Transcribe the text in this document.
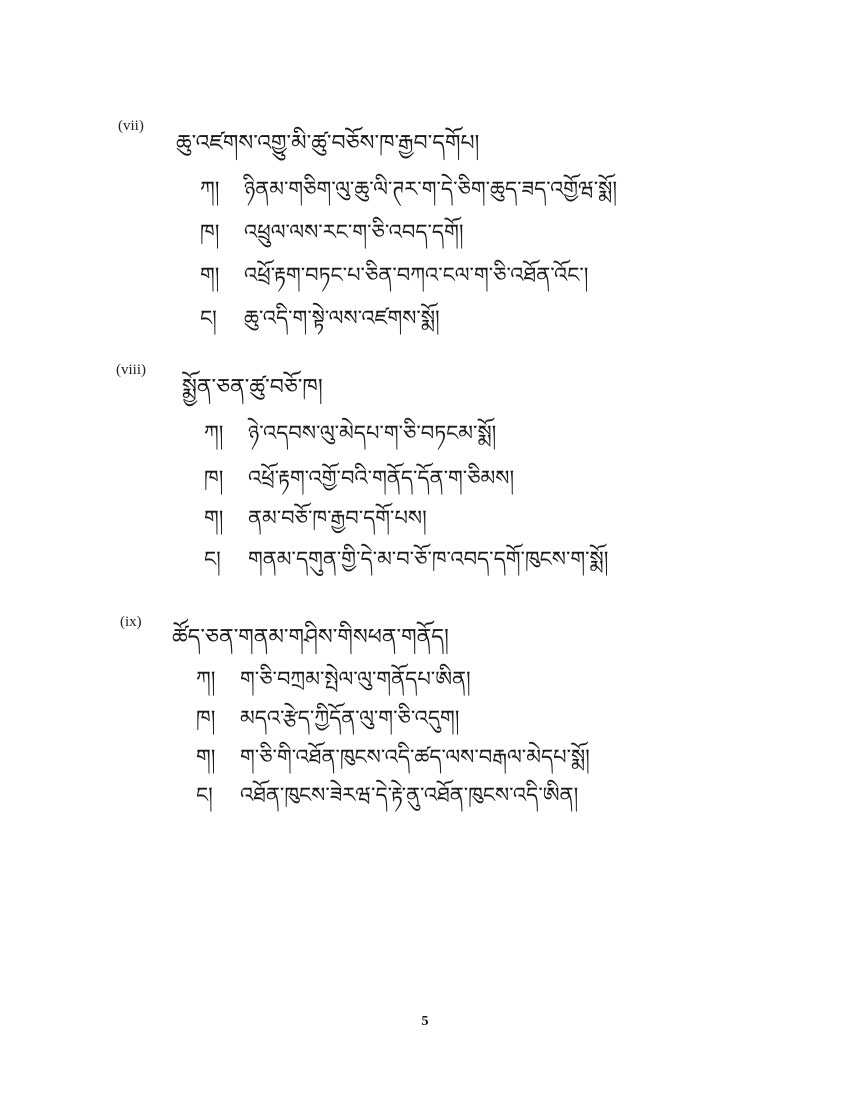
(vii)
ཆུ་འཛགས་འགྱུ་མི་ཚུ་བཅོས་ཁ་རྒྱབ་དགོཔ།
ཀ། ཉིནམ་གཅིག་ལུ་ཆུ་ལི་ཊར་ག་དེ་ཅིག་ཆུད་ཟད་འགྱོཝ་སྨོ།
ཁ། འཕྲུལ་ལས་རང་ག་ཅི་འབད་དགོ།
ག། འཕྲོ་རྟག་བཏང་པ་ཅིན་བཀའ་ངལ་ག་ཅི་འཐོན་འོང་།
ང། ཆུ་འདི་ག་སྟེ་ལས་འཛགས་སྨོ།
(viii)
སྨྱོན་ཅན་ཚུ་བཅོ་ཁ།
ཀ། ཉེ་འདབས་ལུ་མེདཔ་ག་ཅི་བཏངམ་སྨོ།
ཁ། འཕྲོ་རྟག་འགྱོ་བའི་གནོད་དོན་ག་ཅིམས།
ག། ནམ་བཅོ་ཁ་རྒྱབ་དགོ་པས།
ང། གནམ་དགུན་གྱི་དེ་མ་བ་ཅོ་ཁ་འབད་དགོ་ཁུངས་ག་སྨོ།
(ix)
ཚོད་ཅན་གནམ་གཤིས་གིསཕན་གནོད།
ཀ། ག་ཅི་བཀྲམ་སྤེལ་ལུ་གནོདཔ་ཨིན།
ཁ། མདའ་རྩེད་ཀྱིདོན་ལུ་ག་ཅི་འདུག།
ག། ག་ཅི་གི་འཐོན་ཁུངས་འདི་ཚད་ལས་བརྒལ་མེདཔ་སྨོ།
ང། འཐོན་ཁུངས་ཟེརཝ་དེ་རྟེ་ནུ་འཐོན་ཁུངས་འདི་ཨིན།
5
